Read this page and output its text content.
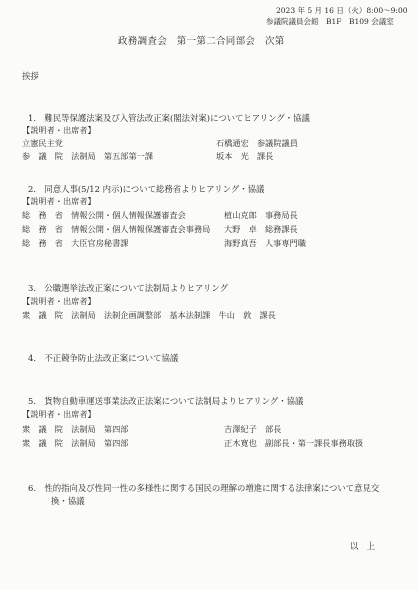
2023 年 5 月 16 日（火）8:00～9:00
参議院議員会館　B1F　B109 会議室
政務調査会　第一第二合同部会　次第
挨拶
1.　難民等保護法案及び入管法改正案(閣法対案)についてヒアリング・協議
【説明者・出席者】
立憲民主党	石橋通宏　参議院議員
参　議　院　法制局　第五部第一課	坂本　光　課長
2.　同意人事(5/12 内示)について総務省よりヒアリング・協議
【説明者・出席者】
総　務　省　情報公開・個人情報保護審査会	植山克郎　事務局長
総　務　省　情報公開・個人情報保護審査会事務局 大野　卓　総務課長
総　務　省　大臣官房秘書課	海野真吾　人事専門職
3.　公職選挙法改正案について法制局よりヒアリング
【説明者・出席者】
衆　議　院　法制局　法制企画調整部　基本法制課　牛山　敦　課長
4.　不正競争防止法改正案について協議
5.　貨物自動車運送事業法改正法案について法制局よりヒアリング・協議
【説明者・出席者】
衆　議　院　法制局　第四部	吉澤紀子　部長
衆　議　院　法制局　第四部	正木寛也　副部長・第一課長事務取扱
6.　性的指向及び性同一性の多様性に関する国民の理解の増進に関する法律案について意見交
換・協議
以　上
